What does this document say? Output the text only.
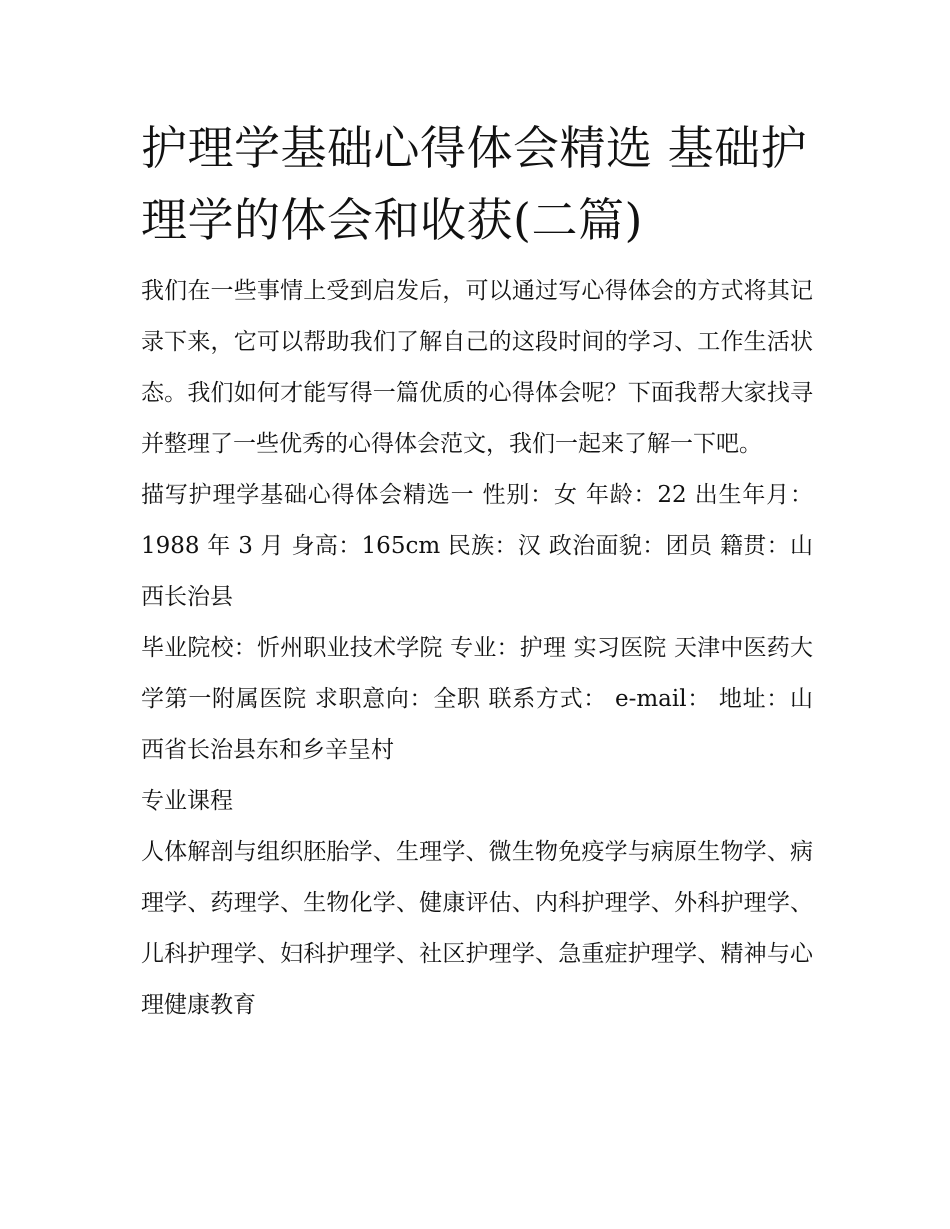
护理学基础心得体会精选 基础护理学的体会和收获(二篇)

我们在一些事情上受到启发后，可以通过写心得体会的方式将其记录下来，它可以帮助我们了解自己的这段时间的学习、工作生活状态。我们如何才能写得一篇优质的心得体会呢？下面我帮大家找寻并整理了一些优秀的心得体会范文，我们一起来了解一下吧。

描写护理学基础心得体会精选一 性别：女 年龄：22 出生年月：1988 年 3 月 身高：165cm 民族：汉 政治面貌：团员 籍贯：山西长治县

毕业院校：忻州职业技术学院 专业：护理 实习医院 天津中医药大学第一附属医院 求职意向：全职 联系方式： e-mail： 地址：山西省长治县东和乡辛呈村

专业课程

人体解剖与组织胚胎学、生理学、微生物免疫学与病原生物学、病理学、药理学、生物化学、健康评估、内科护理学、外科护理学、儿科护理学、妇科护理学、社区护理学、急重症护理学、精神与心理健康教育
